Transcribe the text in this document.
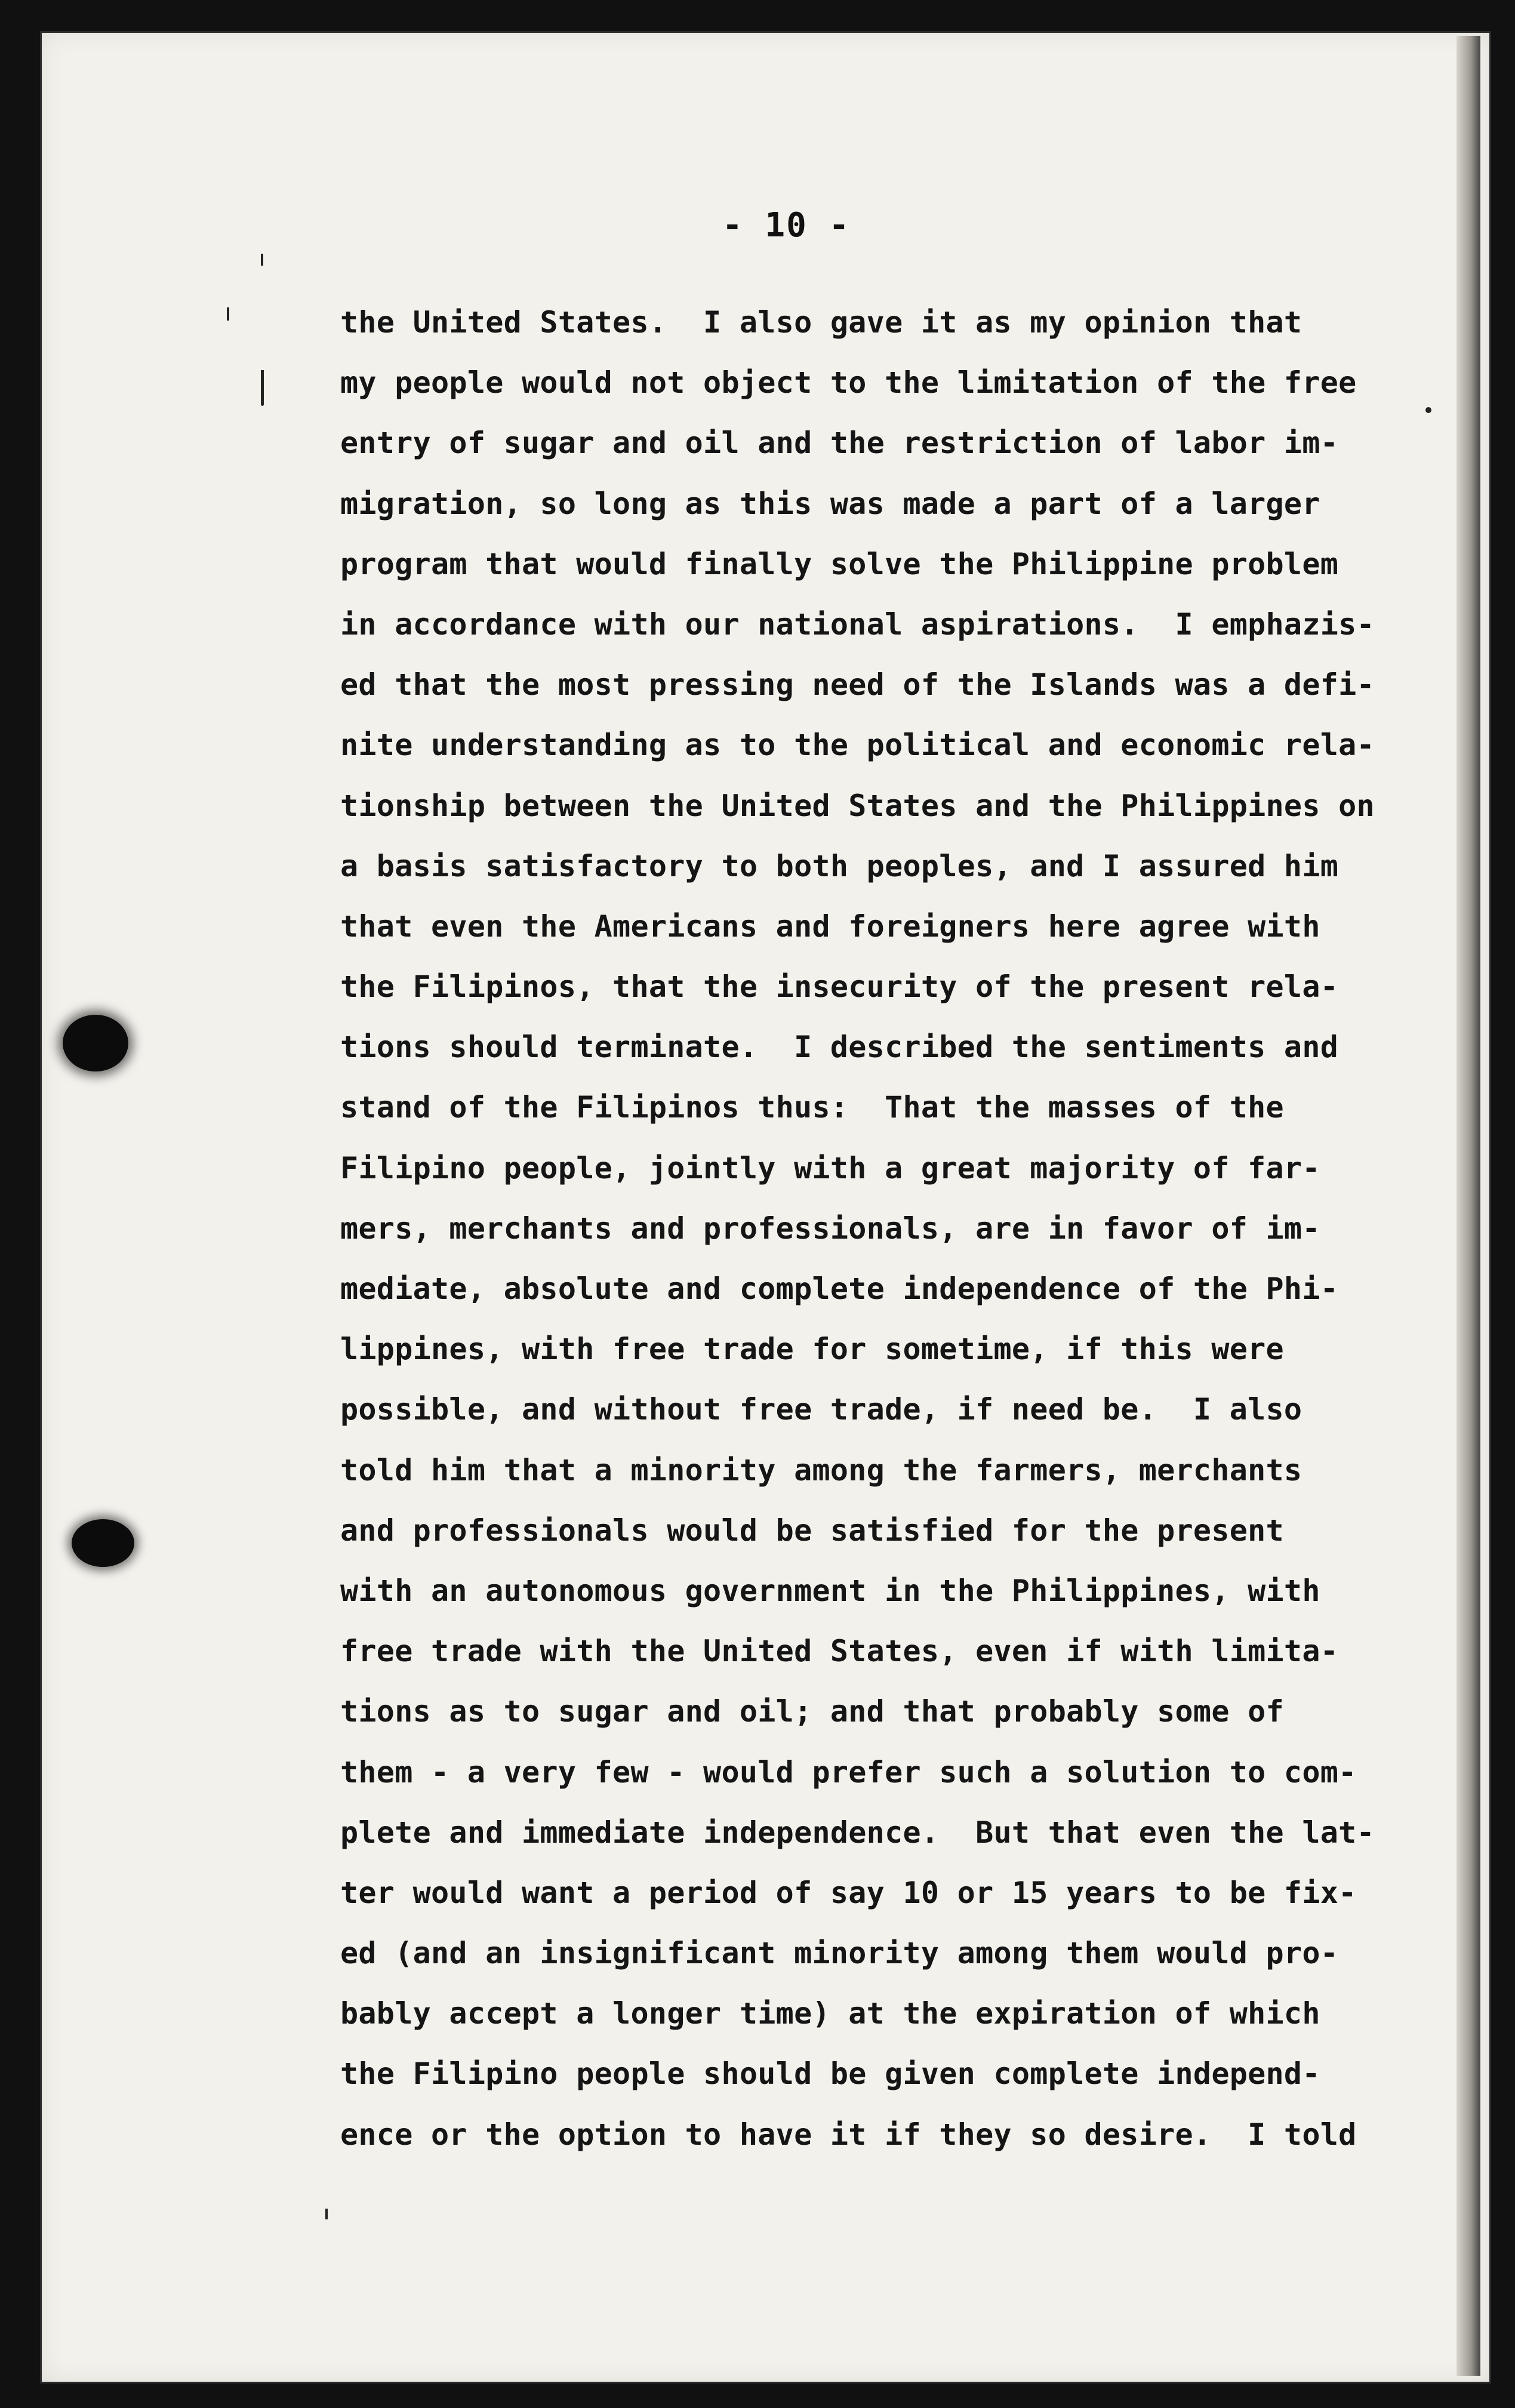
- 10 -
the United States.  I also gave it as my opinion that
my people would not object to the limitation of the free
entry of sugar and oil and the restriction of labor im-
migration, so long as this was made a part of a larger
program that would finally solve the Philippine problem
in accordance with our national aspirations.  I emphazis-
ed that the most pressing need of the Islands was a defi-
nite understanding as to the political and economic rela-
tionship between the United States and the Philippines on
a basis satisfactory to both peoples, and I assured him
that even the Americans and foreigners here agree with
the Filipinos, that the insecurity of the present rela-
tions should terminate.  I described the sentiments and
stand of the Filipinos thus:  That the masses of the
Filipino people, jointly with a great majority of far-
mers, merchants and professionals, are in favor of im-
mediate, absolute and complete independence of the Phi-
lippines, with free trade for sometime, if this were
possible, and without free trade, if need be.  I also
told him that a minority among the farmers, merchants
and professionals would be satisfied for the present
with an autonomous government in the Philippines, with
free trade with the United States, even if with limita-
tions as to sugar and oil; and that probably some of
them - a very few - would prefer such a solution to com-
plete and immediate independence.  But that even the lat-
ter would want a period of say 10 or 15 years to be fix-
ed (and an insignificant minority among them would pro-
bably accept a longer time) at the expiration of which
the Filipino people should be given complete independ-
ence or the option to have it if they so desire.  I told
